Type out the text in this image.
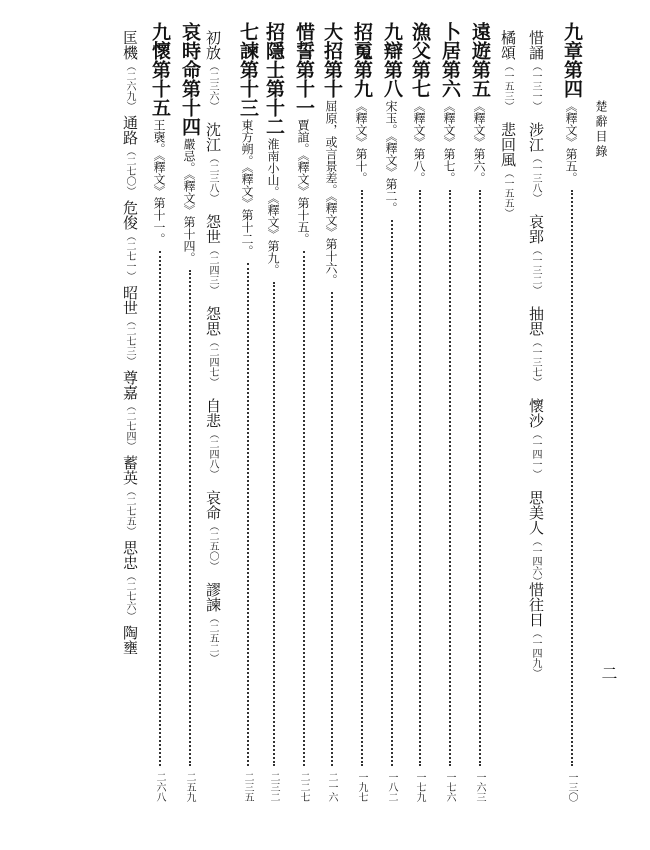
楚辭目錄
二
九章第四
《釋文》第五。
一三〇
惜誦
（一三一）
涉江
（一三八）
哀郢
（一三二）
抽思
（一三七）
懷沙
（一四一）
思美人
（一四六）
惜往日
（一四九）
橘頌
（一五三）
悲回風
（一五五）
遠遊第五
《釋文》第六。
一六三
卜居第六
《釋文》第七。
一七六
漁父第七
《釋文》第八。
一七九
九辯第八
宋玉。《釋文》第二。
一八二
招䰟第九
《釋文》第十。
一九七
大招第十
屈原，或言景差。《釋文》第十六。
二一六
惜誓第十一
賈誼。《釋文》第十五。
二二七
招隱士第十二
淮南小山。《釋文》第九。
二三二
七諫第十三
東方朔。《釋文》第十二。
二三五
初放
（二三六）
沈江
（二三八）
怨世
（二四三）
怨思
（二四七）
自悲
（二四八）
哀命
（二五〇）
謬諫
（二五二）
哀時命第十四
嚴忌。《釋文》第十四。
二五九
九懷第十五
王襃。《釋文》第十一。
二六八
匡機
（二六九）
通路
（二七〇）
危俊
（二七一）
昭世
（二七三）
尊嘉
（二七四）
蓄英
（二七五）
思忠
（二七六）
陶壅
